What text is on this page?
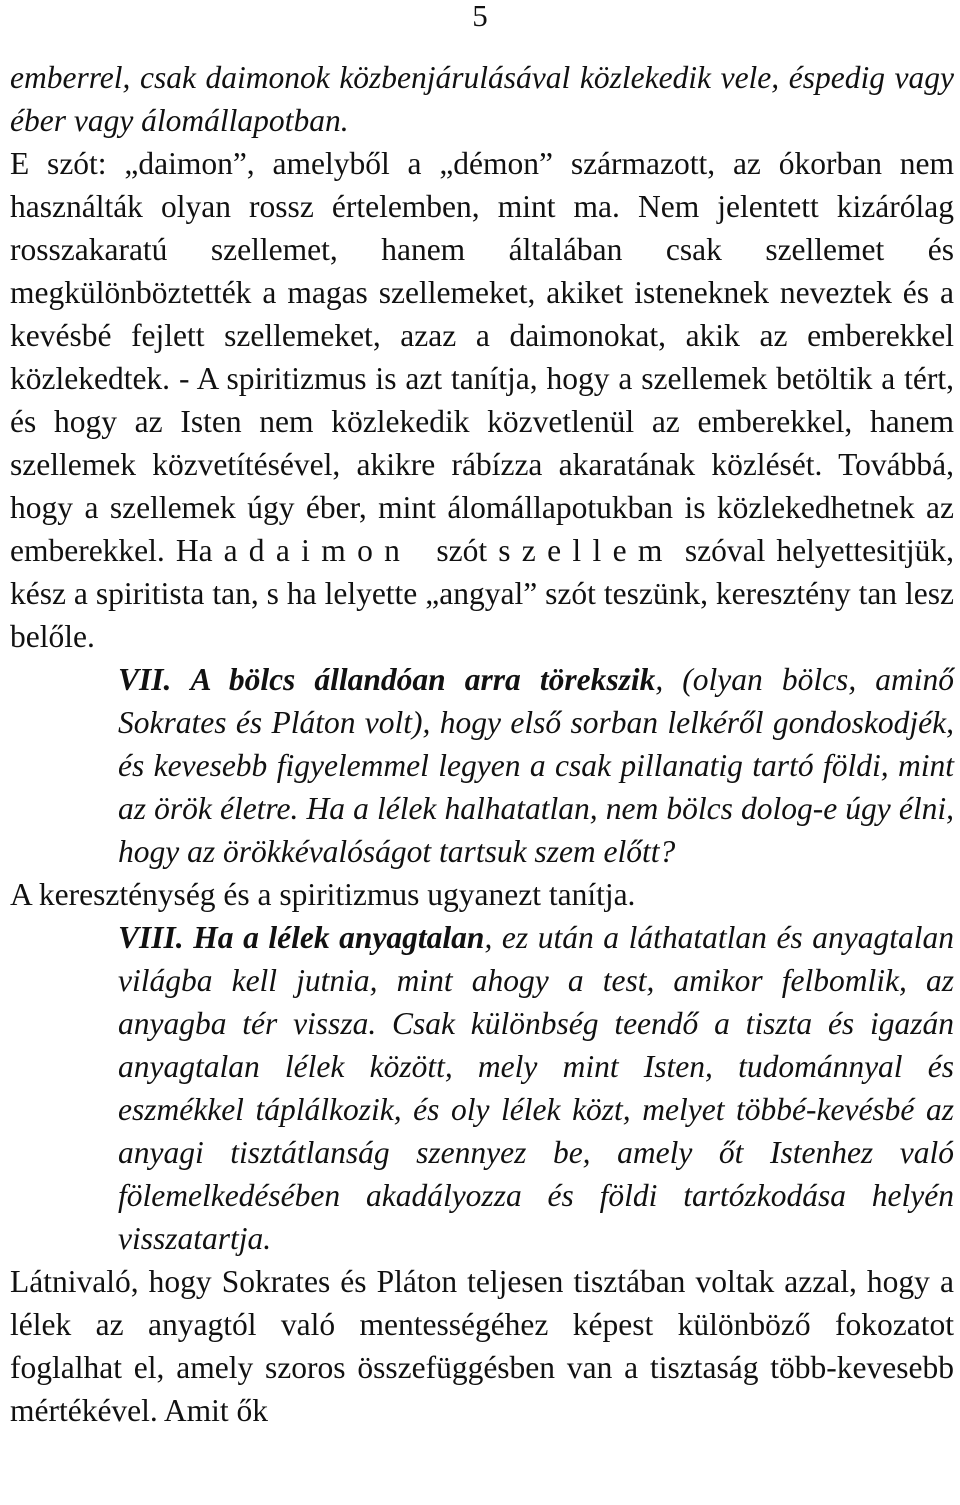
5

emberrel, csak daimonok közbenjárulásával közlekedik vele, éspedig vagy éber vagy álomállapotban.

E szót: „daimon”, amelyből a „démon” származott, az ókorban nem használták olyan rossz értelemben, mint ma. Nem jelentett kizárólag rosszakaratú szellemet, hanem általában csak szellemet és megkülönböztették a magas szellemeket, akiket isteneknek neveztek és a kevésbé fejlett szellemeket, azaz a daimonokat, akik az emberekkel közlekedtek. - A spiritizmus is azt tanítja, hogy a szellemek betöltik a tért, és hogy az Isten nem közlekedik közvetlenül az emberekkel, hanem szellemek közvetítésével, akikre rábízza akaratának közlését. Továbbá, hogy a szellemek úgy éber, mint álomállapotukban is közlekedhetnek az emberekkel. Ha a daimon szót szellem szóval helyettesitjük, kész a spiritista tan, s ha lelyette „angyal” szót teszünk, keresztény tan lesz belőle.

VII. A bölcs állandóan arra törekszik, (olyan bölcs, aminő Sokrates és Pláton volt), hogy első sorban lelkéről gondoskodjék, és kevesebb figyelemmel legyen a csak pillanatig tartó földi, mint az örök életre. Ha a lélek halhatatlan, nem bölcs dolog-e úgy élni, hogy az örökkévalóságot tartsuk szem előtt?

A kereszténység és a spiritizmus ugyanezt tanítja.

VIII. Ha a lélek anyagtalan, ez után a láthatatlan és anyagtalan világba kell jutnia, mint ahogy a test, amikor felbomlik, az anyagba tér vissza. Csak különbség teendő a tiszta és igazán anyagtalan lélek között, mely mint Isten, tudománnyal és eszmékkel táplálkozik, és oly lélek közt, melyet többé-kevésbé az anyagi tisztátlanság szennyez be, amely őt Istenhez való fölemelkedésében akadályozza és földi tartózkodása helyén visszatartja.

Látnivaló, hogy Sokrates és Pláton teljesen tisztában voltak azzal, hogy a lélek az anyagtól való mentességéhez képest különböző fokozatot foglalhat el, amely szoros összefüggésben van a tisztaság több-kevesebb mértékével. Amit ők
